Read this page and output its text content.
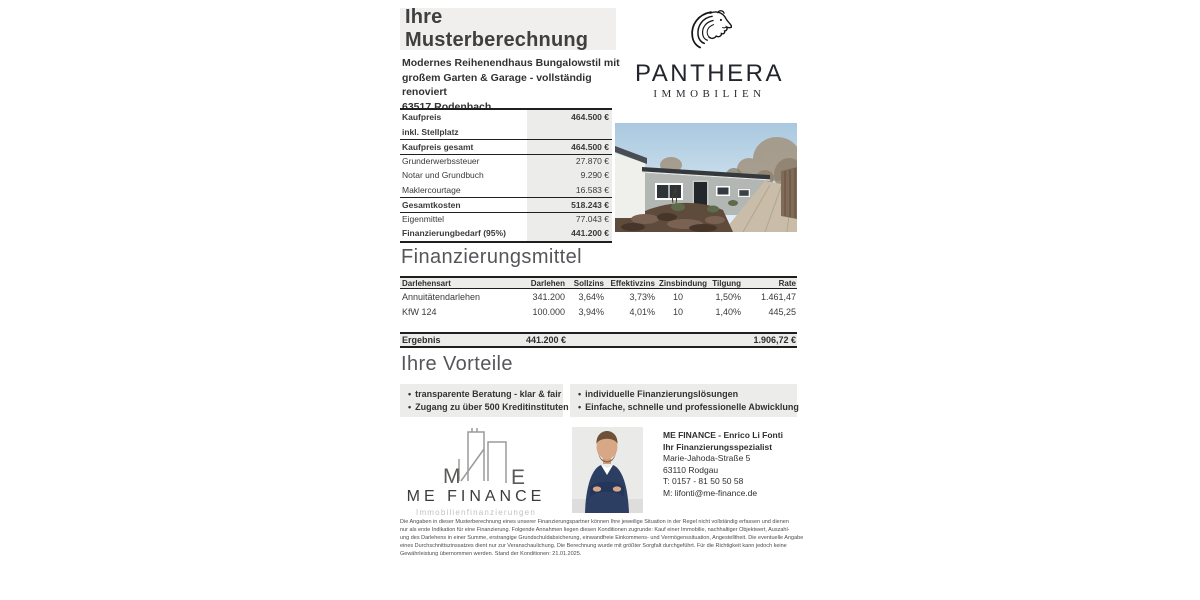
Ihre Musterberechnung
PANTHERA
IMMOBILIEN
Modernes Reihenendhaus Bungalowstil mit
großem Garten & Garage - vollständig renoviert
63517 Rodenbach
Kaufpreis	464.500 €
inkl. Stellplatz
Kaufpreis gesamt	464.500 €
Grunderwerbssteuer	27.870 €
Notar und Grundbuch	9.290 €
Maklercourtage	16.583 €
Gesamtkosten	518.243 €
Eigenmittel	77.043 €
Finanzierungbedarf (95%)	441.200 €
Finanzierungsmittel
Darlehensart	Darlehen	Sollzins Effektivzins Zinsbindung Tilgung	Rate
Annuitätendarlehen	341.200	3,64%	3,73%	10	1,50%	1.461,47
KfW 124	100.000	3,94%	4,01%	10	1,40%	445,25
Ergebnis	441.200 €	1.906,72 €
Ihre Vorteile
• transparente Beratung - klar & fair
• Zugang zu über 500 Kreditinstituten
• individuelle Finanzierungslösungen
• Einfache, schnelle und professionelle Abwicklung
M E
ME FINANCE
Immobilienfinanzierungen
ME FINANCE - Enrico Li Fonti
Ihr Finanzierungsspezialist
Marie-Jahoda-Straße 5
63110 Rodgau
T: 0157 - 81 50 50 58
M: lifonti@me-finance.de
Die Angaben in dieser Musterberechnung eines unserer Finanzierungspartner können Ihre jeweilige Situation in der Regel nicht vollständig erfassen und dienen
nur als erste Indikation für eine Finanzierung. Folgende Annahmen liegen diesen Konditionen zugrunde: Kauf einer Immobilie, nachhaltiger Objektwert, Auszahl-
ung des Darlehens in einer Summe, erstrangige Grundschuldabsicherung, einwandfreie Einkommens- und Vermögenssituation, Angestelltheit. Die eventuelle Angabe
eines Durchschnittszinssatzes dient nur zur Veranschaulichung. Die Berechnung wurde mit größter Sorgfalt durchgeführt. Für die Richtigkeit kann jedoch keine
Gewährleistung übernommen werden. Stand der Konditionen: 21.01.2025.
